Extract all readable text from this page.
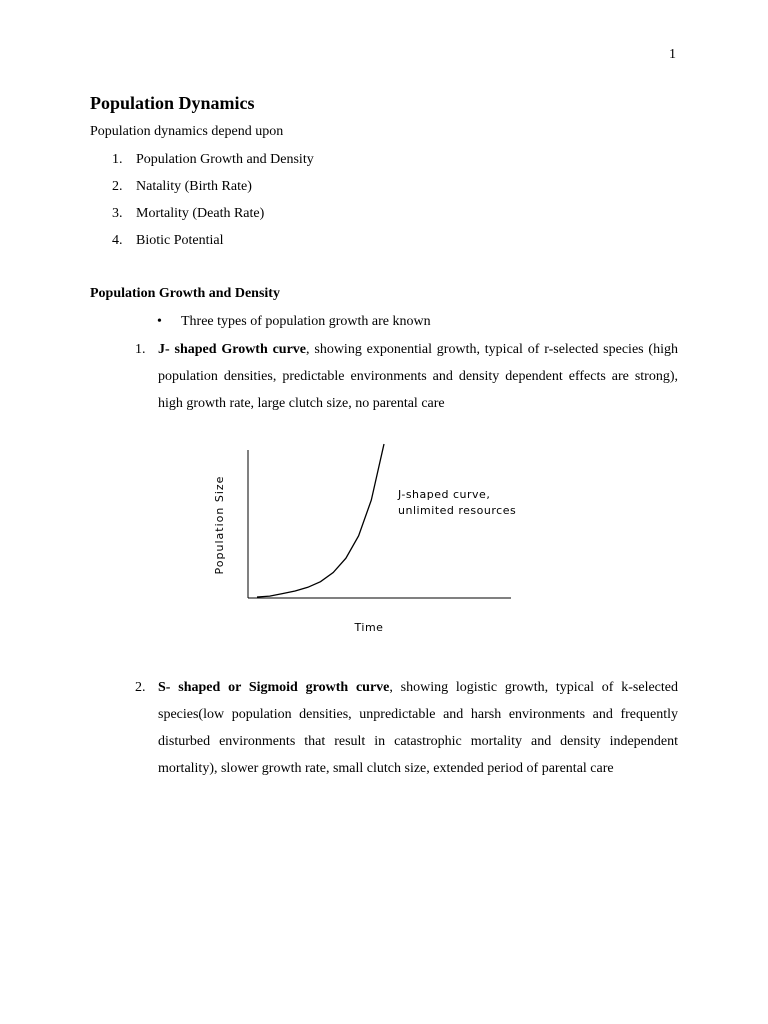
1
Population Dynamics

Population dynamics depend upon

1. Population Growth and Density
2. Natality (Birth Rate)
3. Mortality (Death Rate)
4. Biotic Potential
Population Growth and Density
• Three types of population growth are known
1. J- shaped Growth curve, showing exponential growth, typical of r-selected species (high population densities, predictable environments and density dependent effects are strong), high growth rate, large clutch size, no parental care

Population Size
Time
J-shaped curve,
unlimited resources
2. S- shaped or Sigmoid growth curve, showing logistic growth, typical of k-selected species(low population densities, unpredictable and harsh environments and frequently disturbed environments that result in catastrophic mortality and density independent mortality), slower growth rate, small clutch size, extended period of parental care
